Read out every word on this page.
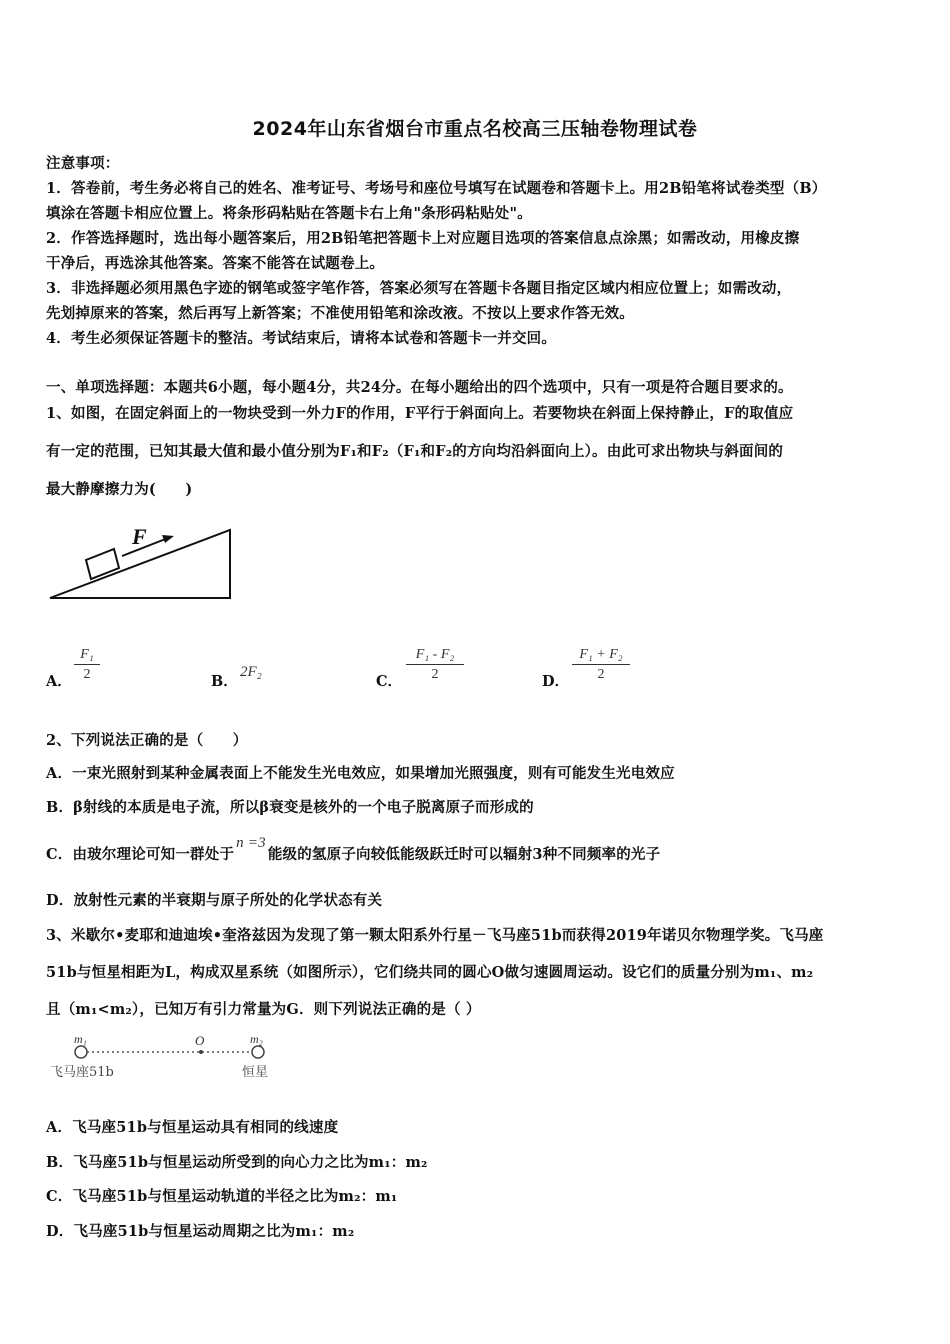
2024年山东省烟台市重点名校高三压轴卷物理试卷
注意事项：
1．答卷前，考生务必将自己的姓名、准考证号、考场号和座位号填写在试题卷和答题卡上。用2B铅笔将试卷类型（B）
填涂在答题卡相应位置上。将条形码粘贴在答题卡右上角"条形码粘贴处"。
2．作答选择题时，选出每小题答案后，用2B铅笔把答题卡上对应题目选项的答案信息点涂黑；如需改动，用橡皮擦
干净后，再选涂其他答案。答案不能答在试题卷上。
3．非选择题必须用黑色字迹的钢笔或签字笔作答，答案必须写在答题卡各题目指定区域内相应位置上；如需改动，
先划掉原来的答案，然后再写上新答案；不准使用铅笔和涂改液。不按以上要求作答无效。
4．考生必须保证答题卡的整洁。考试结束后，请将本试卷和答题卡一并交回。
一、单项选择题：本题共6小题，每小题4分，共24分。在每小题给出的四个选项中，只有一项是符合题目要求的。
1、如图，在固定斜面上的一物块受到一外力F的作用，F平行于斜面向上。若要物块在斜面上保持静止，F的取值应
有一定的范围，已知其最大值和最小值分别为F₁和F₂（F₁和F₂的方向均沿斜面向上）。由此可求出物块与斜面间的
最大静摩擦力为(　　)
F
A． $\frac{\text{F₁}}{2}$	B．
2F₂
C． $\frac{\text{F₁ - F₂}}{2}$	D． $\frac{\text{F₁ + F₂}}{2}$
2、下列说法正确的是（　　）
A．一束光照射到某种金属表面上不能发生光电效应，如果增加光照强度，则有可能发生光电效应
B．β射线的本质是电子流，所以β衰变是核外的一个电子脱离原子而形成的
C．由玻尔理论可知一群处于n =3能级的氢原子向较低能级跃迁时可以辐射3种不同频率的光子
D．放射性元素的半衰期与原子所处的化学状态有关
3、米歇尔•麦耶和迪迪埃•奎洛兹因为发现了第一颗太阳系外行星－飞马座51b而获得2019年诺贝尔物理学奖。飞马座
51b与恒星相距为L，构成双星系统（如图所示），它们绕共同的圆心O做匀速圆周运动。设它们的质量分别为m₁、m₂
且（m₁<m₂），已知万有引力常量为G．则下列说法正确的是（ ）
m₁	O	m₂
飞马座51b	恒星
A．飞马座51b与恒星运动具有相同的线速度
B．飞马座51b与恒星运动所受到的向心力之比为m₁：m₂
C．飞马座51b与恒星运动轨道的半径之比为m₂：m₁
D．飞马座51b与恒星运动周期之比为m₁：m₂
